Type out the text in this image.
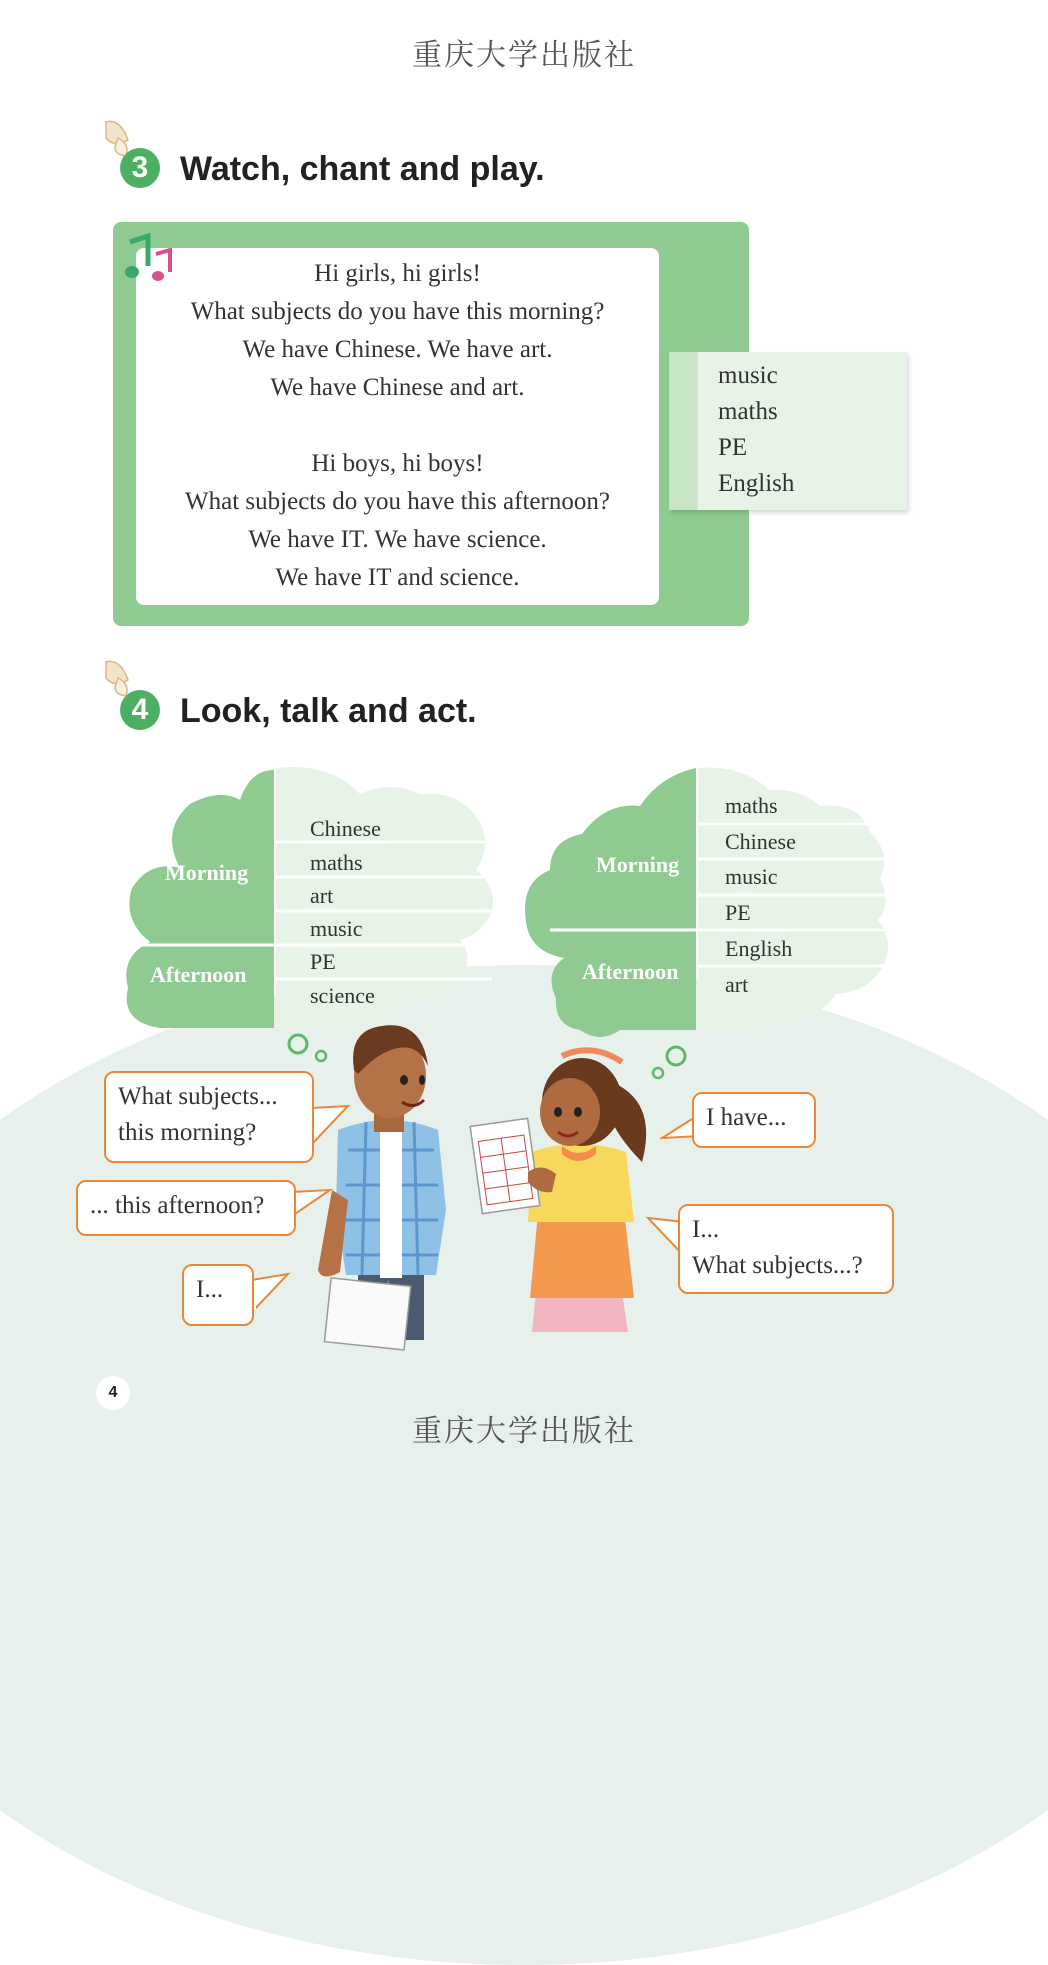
重庆大学出版社
3 Watch, chant and play.
Hi girls, hi girls!
What subjects do you have this morning?
We have Chinese. We have art.
We have Chinese and art.
Hi boys, hi boys!
What subjects do you have this afternoon?
We have IT. We have science.
We have IT and science.
music
maths
PE
English
4 Look, talk and act.
Morning
Afternoon
Chinese
maths
art
music
PE
science
Morning
Afternoon
maths
Chinese
music
PE
English
art
What subjects...
this morning?
... this afternoon?
I...
I have...
I...
What subjects...?
4
重庆大学出版社
